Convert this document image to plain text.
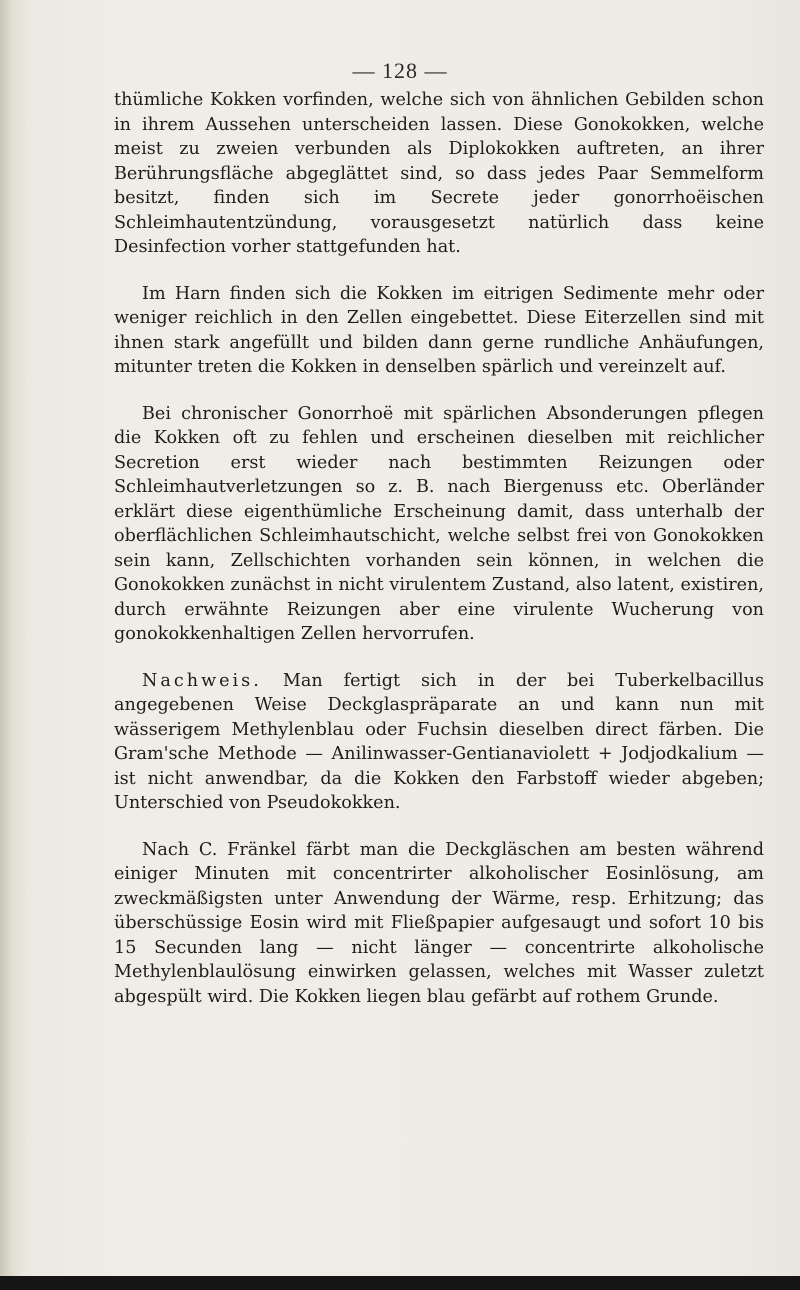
— 128 —

thümliche Kokken vorfinden, welche sich von ähnlichen Gebilden schon in ihrem Aussehen unterscheiden lassen. Diese Gonokokken, welche meist zu zweien verbunden als Diplokokken auftreten, an ihrer Berührungsfläche abgeglättet sind, so dass jedes Paar Semmelform besitzt, finden sich im Secrete jeder gonorrhoëischen Schleimhautentzündung, vorausgesetzt natürlich dass keine Desinfection vorher stattgefunden hat.

Im Harn finden sich die Kokken im eitrigen Sedimente mehr oder weniger reichlich in den Zellen eingebettet. Diese Eiterzellen sind mit ihnen stark angefüllt und bilden dann gerne rundliche Anhäufungen, mitunter treten die Kokken in denselben spärlich und vereinzelt auf.

Bei chronischer Gonorrhoë mit spärlichen Absonderungen pflegen die Kokken oft zu fehlen und erscheinen dieselben mit reichlicher Secretion erst wieder nach bestimmten Reizungen oder Schleimhautverletzungen so z. B. nach Biergenuss etc. Oberländer erklärt diese eigenthümliche Erscheinung damit, dass unterhalb der oberflächlichen Schleimhautschicht, welche selbst frei von Gonokokken sein kann, Zellschichten vorhanden sein können, in welchen die Gonokokken zunächst in nicht virulentem Zustand, also latent, existiren, durch erwähnte Reizungen aber eine virulente Wucherung von gonokokkenhaltigen Zellen hervorrufen.

Nachweis. Man fertigt sich in der bei Tuberkelbacillus angegebenen Weise Deckglaspräparate an und kann nun mit wässerigem Methylenblau oder Fuchsin dieselben direct färben. Die Gram'sche Methode — Anilinwasser-Gentianaviolett + Jodjodkalium — ist nicht anwendbar, da die Kokken den Farbstoff wieder abgeben; Unterschied von Pseudokokken.

Nach C. Fränkel färbt man die Deckgläschen am besten während einiger Minuten mit concentrirter alkoholischer Eosinlösung, am zweckmäßigsten unter Anwendung der Wärme, resp. Erhitzung; das überschüssige Eosin wird mit Fließpapier aufgesaugt und sofort 10 bis 15 Secunden lang — nicht länger — concentrirte alkoholische Methylenblaulösung einwirken gelassen, welches mit Wasser zuletzt abgespült wird. Die Kokken liegen blau gefärbt auf rothem Grunde.
